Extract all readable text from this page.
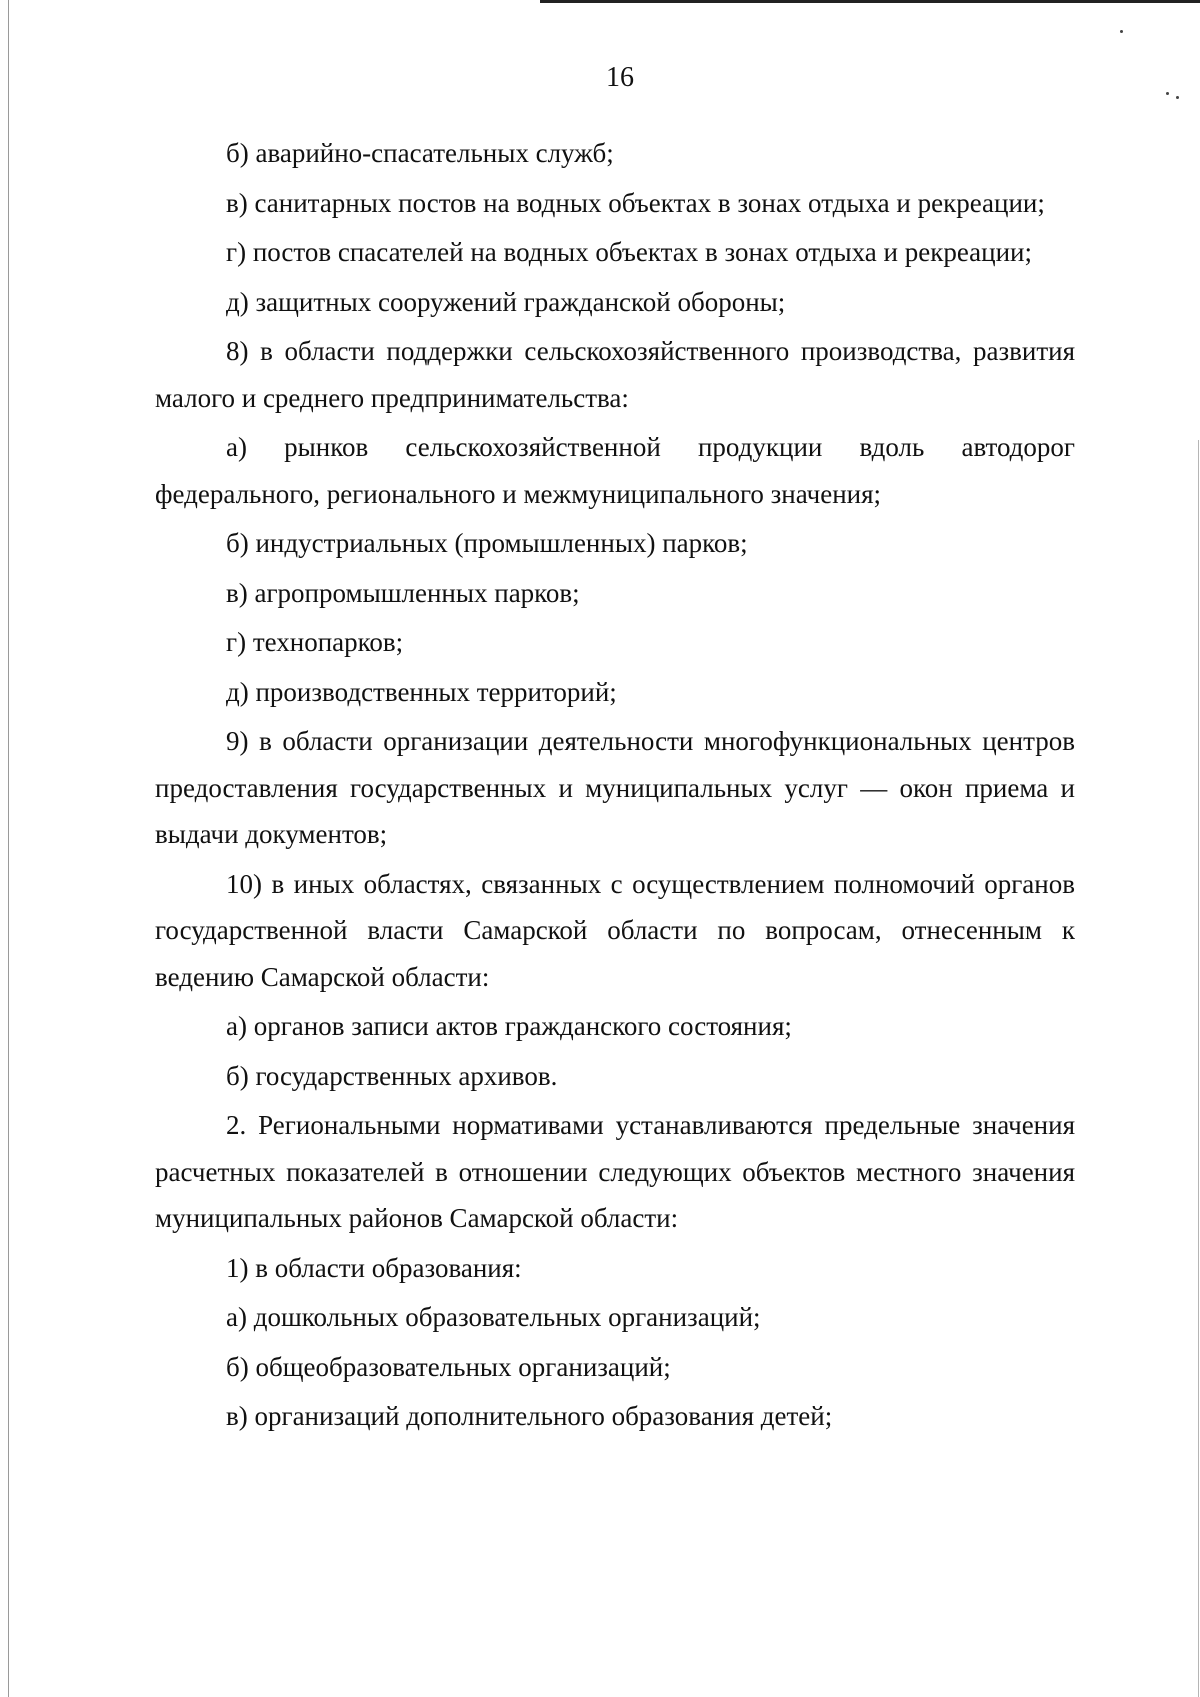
16

б) аварийно-спасательных служб;

в) санитарных постов на водных объектах в зонах отдыха и рекреации;

г) постов спасателей на водных объектах в зонах отдыха и рекреации;

д) защитных сооружений гражданской обороны;

8) в области поддержки сельскохозяйственного производства, развития малого и среднего предпринимательства:

а) рынков сельскохозяйственной продукции вдоль автодорог федерального, регионального и межмуниципального значения;

б) индустриальных (промышленных) парков;

в) агропромышленных парков;

г) технопарков;

д) производственных территорий;

9) в области организации деятельности многофункциональных центров предоставления государственных и муниципальных услуг — окон приема и выдачи документов;

10) в иных областях, связанных с осуществлением полномочий органов государственной власти Самарской области по вопросам, отнесенным к ведению Самарской области:

а) органов записи актов гражданского состояния;

б) государственных архивов.

2. Региональными нормативами устанавливаются предельные значения расчетных показателей в отношении следующих объектов местного значения муниципальных районов Самарской области:

1) в области образования:

а) дошкольных образовательных организаций;

б) общеобразовательных организаций;

в) организаций дополнительного образования детей;
